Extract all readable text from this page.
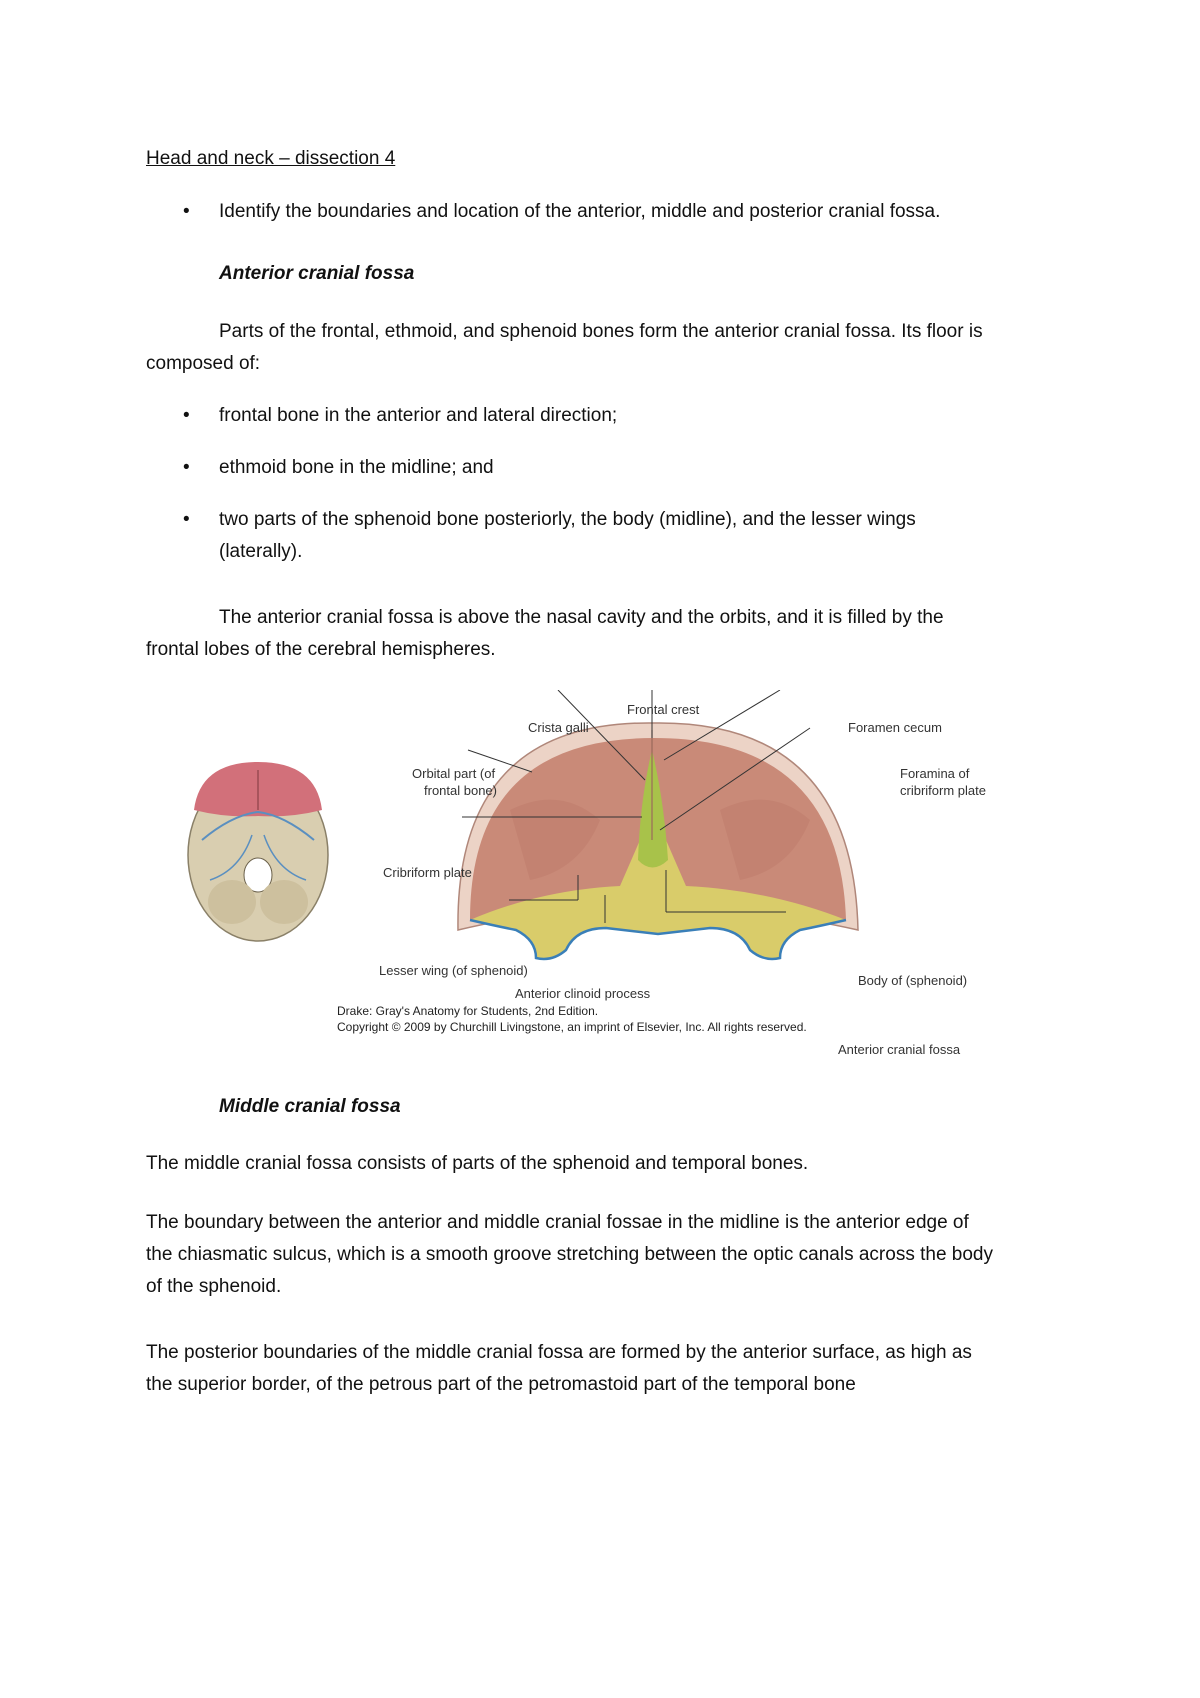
Head and neck – dissection 4
• Identify the boundaries and location of the anterior, middle and posterior cranial fossa.
Anterior cranial fossa
Parts of the frontal, ethmoid, and sphenoid bones form the anterior cranial fossa. Its floor is
composed of:
• frontal bone in the anterior and lateral direction;
• ethmoid bone in the midline; and
• two parts of the sphenoid bone posteriorly, the body (midline), and the lesser wings
(laterally).
The anterior cranial fossa is above the nasal cavity and the orbits, and it is filled by the
frontal lobes of the cerebral hemispheres.
Frontal crest
Crista galli	Foramen cecum
Orbital part (of
frontal bone)
Foramina of
cribriform plate
Cribriform plate
Lesser wing (of sphenoid)
Anterior clinoid process
Body of (sphenoid)
Drake: Gray's Anatomy for Students, 2nd Edition.
Copyright © 2009 by Churchill Livingstone, an imprint of Elsevier, Inc. All rights reserved.
Anterior cranial fossa
Middle cranial fossa
The middle cranial fossa consists of parts of the sphenoid and temporal bones.
The boundary between the anterior and middle cranial fossae in the midline is the anterior edge of
the chiasmatic sulcus, which is a smooth groove stretching between the optic canals across the body
of the sphenoid.
The posterior boundaries of the middle cranial fossa are formed by the anterior surface, as high as
the superior border, of the petrous part of the petromastoid part of the temporal bone
